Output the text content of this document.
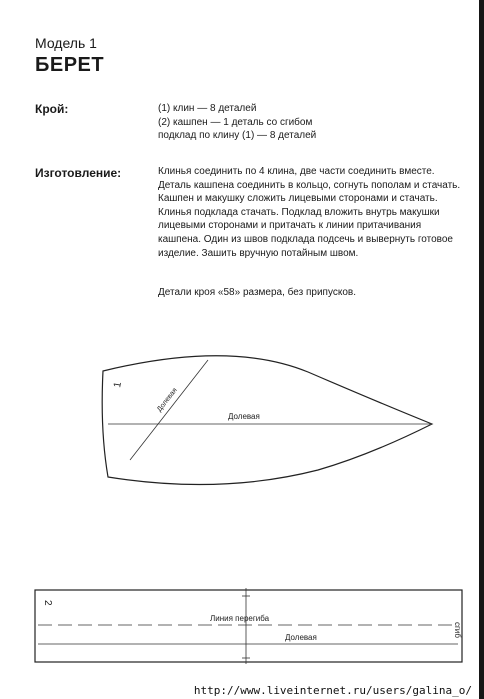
Модель 1
БЕРЕТ
Крой:	(1) клин — 8 деталей
(2) кашпен — 1 деталь со сгибом
подклад по клину (1) — 8 деталей
Изготовление:	Клинья соединить по 4 клина, две части соединить вместе.
Деталь кашпена соединить в кольцо, согнуть пополам и стачать.
Кашпен и макушку сложить лицевыми сторонами и стачать.
Клинья подклада стачать. Подклад вложить внутрь макушки
лицевыми сторонами и притачать к линии притачивания
кашпена. Один из швов подклада подсечь и вывернуть готовое
изделие. Зашить вручную потайным швом.
Детали кроя «58» размера, без припусков.
1
Долевая
Долевая
2
Линия перегиба
Долевая	сгиб
http://www.liveinternet.ru/users/galina_o/
